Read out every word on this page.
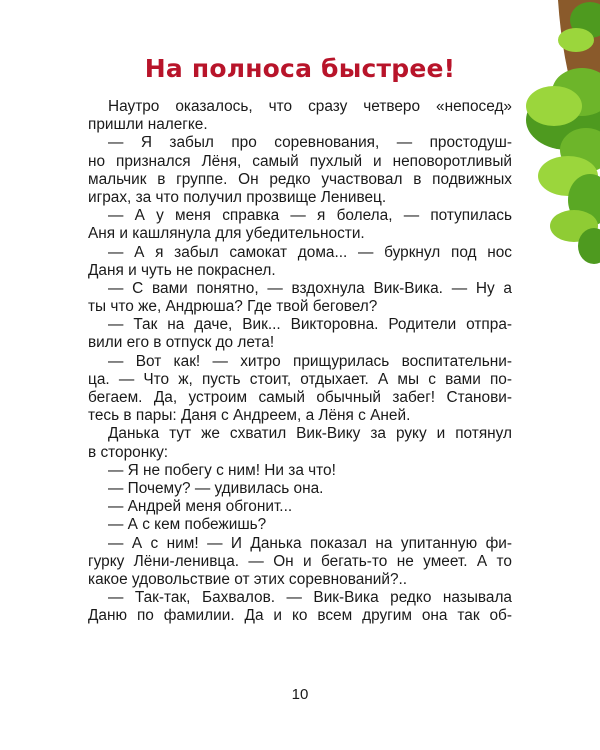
На полноса быстрее!
Наутро оказалось, что сразу четверо «непосед»
пришли налегке.
— Я забыл про соревнования, — простодуш-
но признался Лёня, самый пухлый и неповоротливый
мальчик в группе. Он редко участвовал в подвижных
играх, за что получил прозвище Ленивец.
— А у меня справка — я болела, — потупилась
Аня и кашлянула для убедительности.
— А я забыл самокат дома... — буркнул под нос
Даня и чуть не покраснел.
— С вами понятно, — вздохнула Вик-Вика. — Ну а
ты что же, Андрюша? Где твой беговел?
— Так на даче, Вик... Викторовна. Родители отпра-
вили его в отпуск до лета!
— Вот как! — хитро прищурилась воспитательни-
ца. — Что ж, пусть стоит, отдыхает. А мы с вами по-
бегаем. Да, устроим самый обычный забег! Станови-
тесь в пары: Даня с Андреем, а Лёня с Аней.
Данька тут же схватил Вик-Вику за руку и потянул
в сторонку:
— Я не побегу с ним! Ни за что!
— Почему? — удивилась она.
— Андрей меня обгонит...
— А с кем побежишь?
— А с ним! — И Данька показал на упитанную фи-
гурку Лёни-ленивца. — Он и бегать-то не умеет. А то
какое удовольствие от этих соревнований?..
— Так-так, Бахвалов. — Вик-Вика редко называла
Даню по фамилии. Да и ко всем другим она так об-
10
